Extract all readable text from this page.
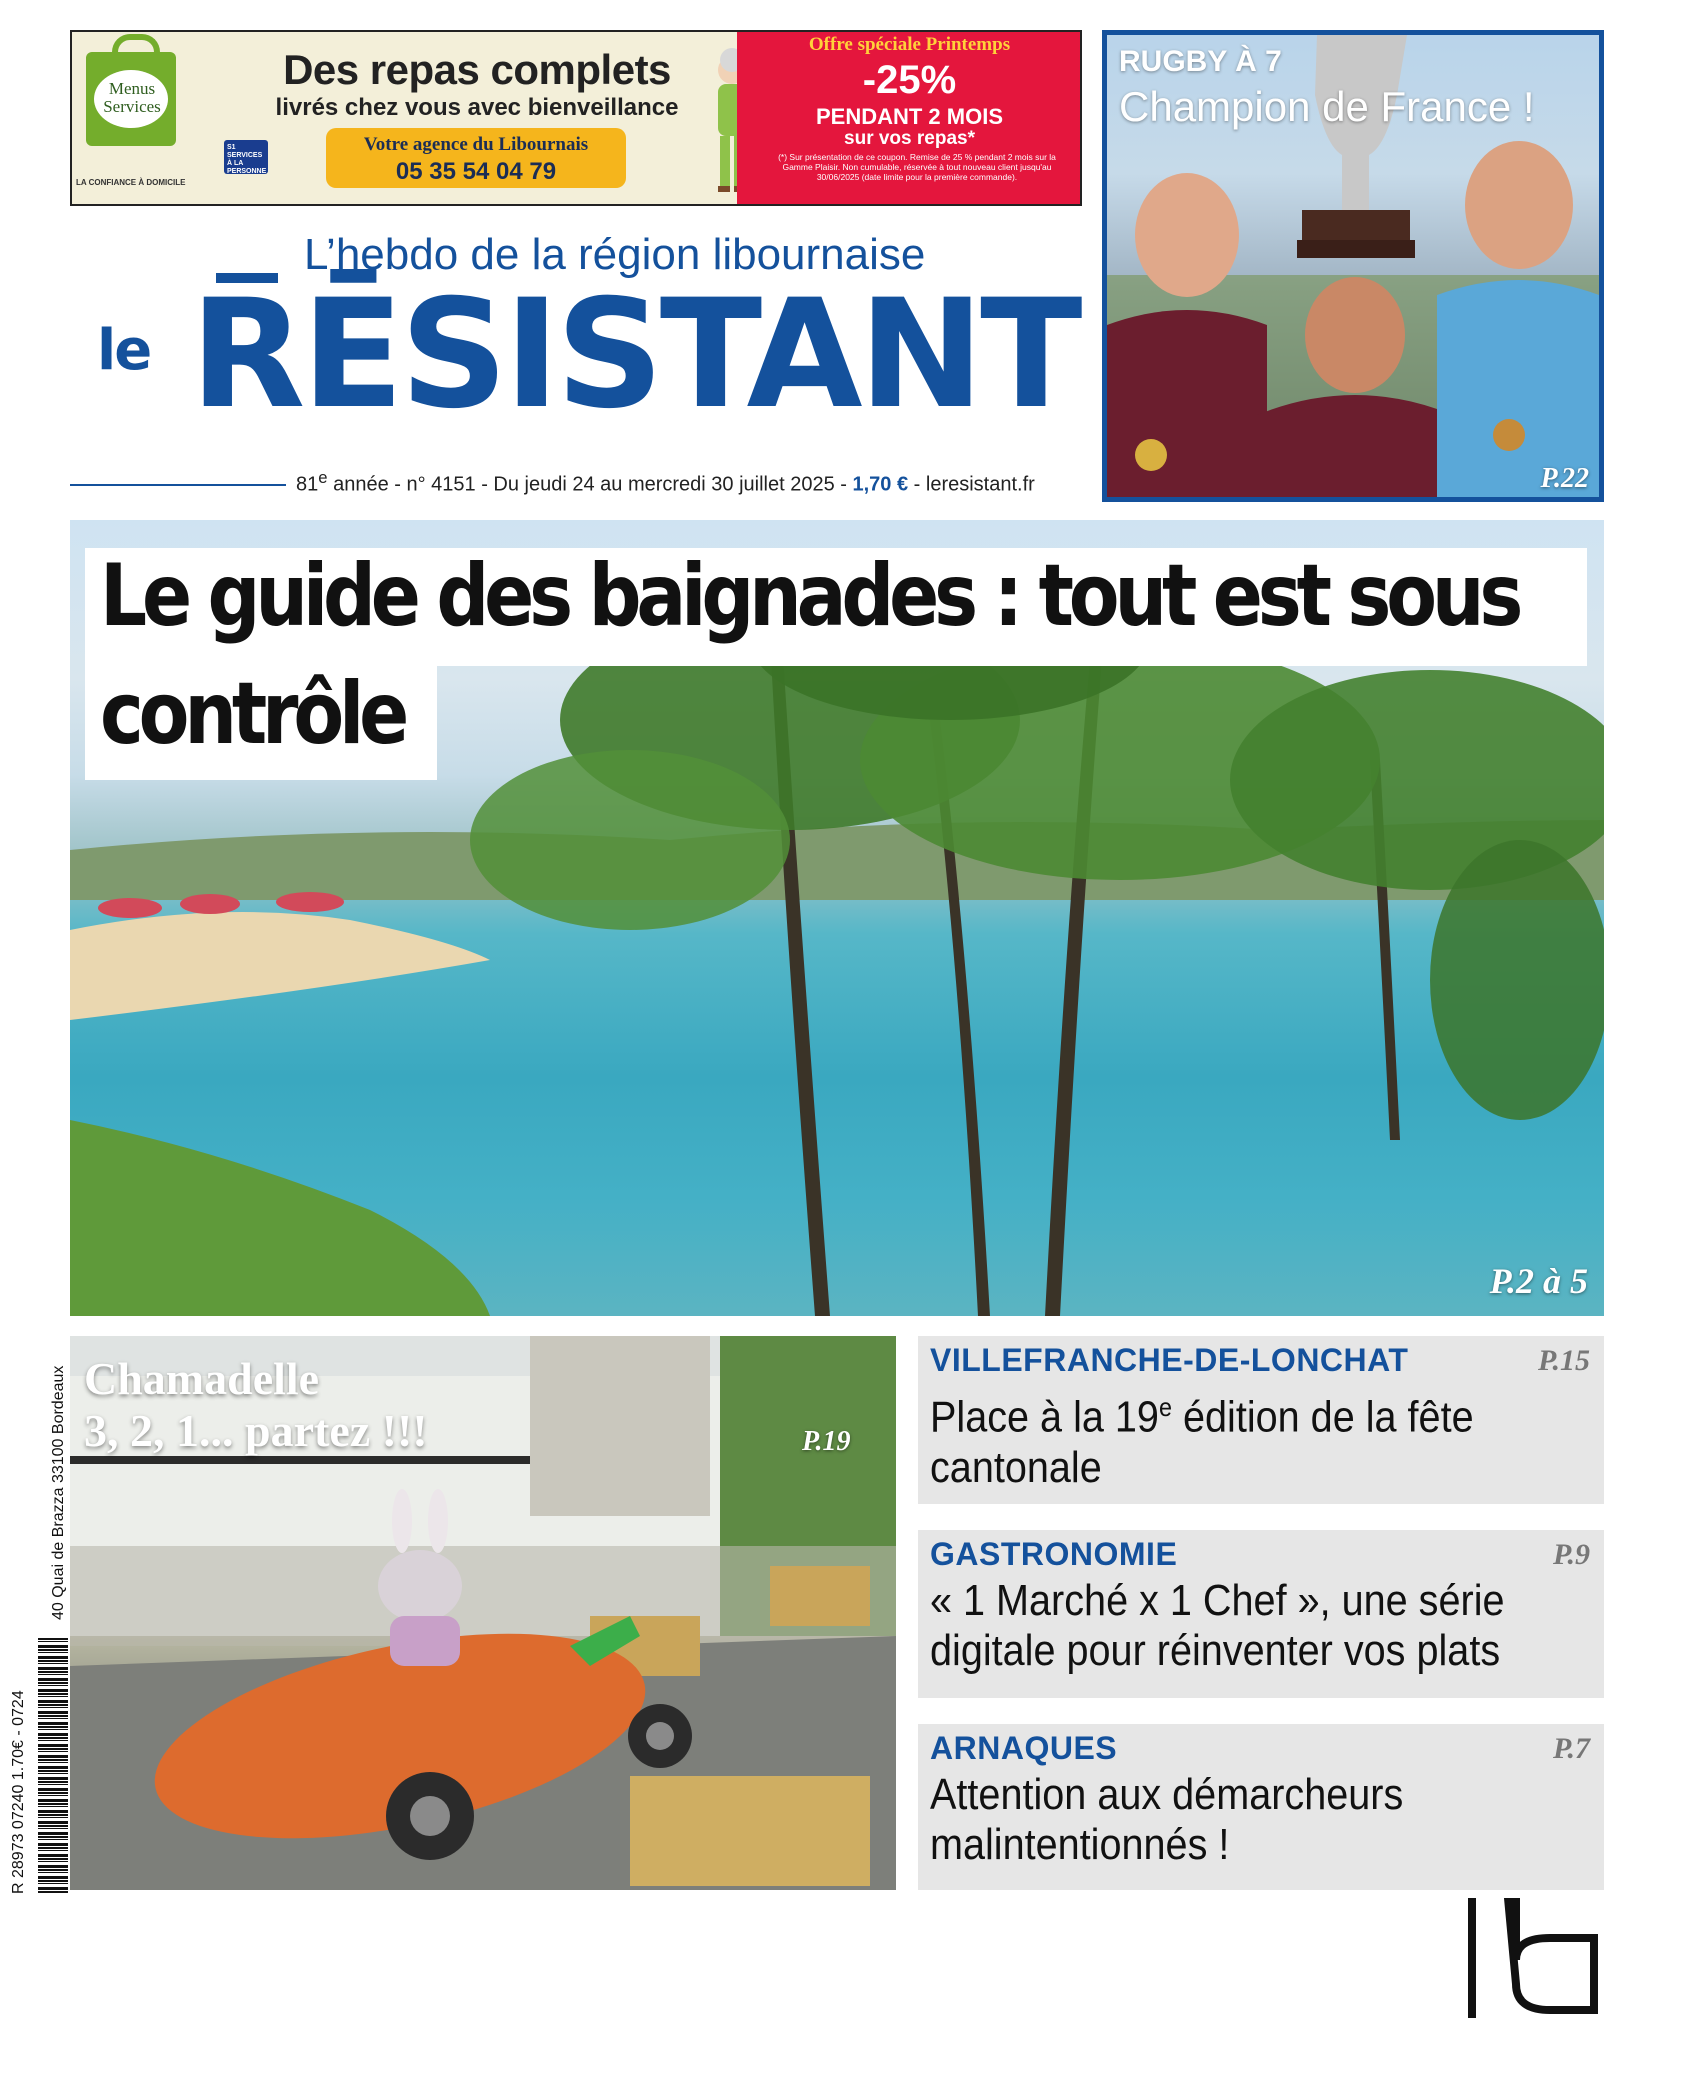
Menus
Services
LA CONFIANCE À DOMICILE
S1 SERVICES À LA PERSONNE
Des repas complets
livrés chez vous avec bienveillance
Votre agence du Libournais
05 35 54 04 79
Offre spéciale Printemps
-25%
PENDANT 2 MOIS
sur vos repas*
(*) Sur présentation de ce coupon. Remise de 25 % pendant 2 mois sur la Gamme Plaisir. Non cumulable, réservée à tout nouveau client jusqu'au 30/06/2025 (date limite pour la première commande).
L’hebdo de la région libournaise
le RĒSISTANT
81e année - n° 4151 - Du jeudi 24 au mercredi 30 juillet 2025 - 1,70 € - leresistant.fr
RUGBY À 7
Champion de France !
P.22
Le guide des baignades : tout est sous
contrôle
P.2 à 5
Chamadelle
3, 2, 1... partez !!!	P.19
VILLEFRANCHE-DE-LONCHAT	P.15
Place à la 19e édition de la fête cantonale
GASTRONOMIE	P.9
« 1 Marché x 1 Chef », une série digitale pour réinventer vos plats
ARNAQUES	P.7
Attention aux démarcheurs malintentionnés !
40 Quai de Brazza 33100 Bordeaux
R 28973 07240 1.70€ - 0724
